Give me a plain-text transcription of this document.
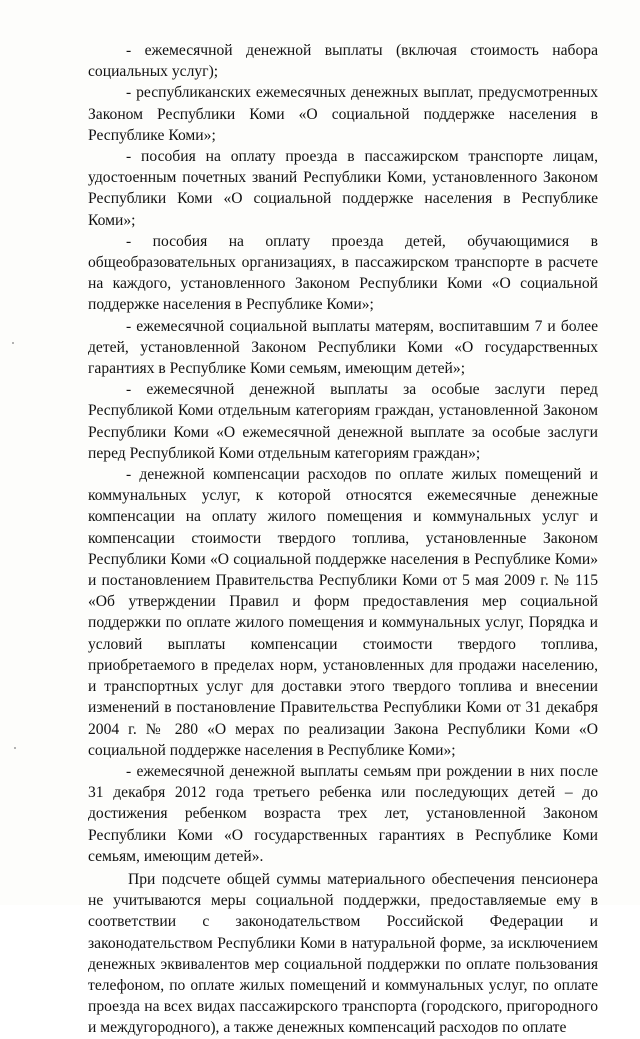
- ежемесячной денежной выплаты (включая стоимость набора социальных услуг);

- республиканских ежемесячных денежных выплат, предусмотренных Законом Республики Коми «О социальной поддержке населения в Республике Коми»;

- пособия на оплату проезда в пассажирском транспорте лицам, удостоенным почетных званий Республики Коми, установленного Законом Республики Коми «О социальной поддержке населения в Республике Коми»;

- пособия на оплату проезда детей, обучающимися в общеобразовательных организациях, в пассажирском транспорте в расчете на каждого, установленного Законом Республики Коми «О социальной поддержке населения в Республике Коми»;

- ежемесячной социальной выплаты матерям, воспитавшим 7 и более детей, установленной Законом Республики Коми «О государственных гарантиях в Республике Коми семьям, имеющим детей»;

- ежемесячной денежной выплаты за особые заслуги перед Республикой Коми отдельным категориям граждан, установленной Законом Республики Коми «О ежемесячной денежной выплате за особые заслуги перед Республикой Коми отдельным категориям граждан»;

- денежной компенсации расходов по оплате жилых помещений и коммунальных услуг, к которой относятся ежемесячные денежные компенсации на оплату жилого помещения и коммунальных услуг и компенсации стоимости твердого топлива, установленные Законом Республики Коми «О социальной поддержке населения в Республике Коми» и постановлением Правительства Республики Коми от 5 мая 2009 г. № 115 «Об утверждении Правил и форм предоставления мер социальной поддержки по оплате жилого помещения и коммунальных услуг, Порядка и условий выплаты компенсации стоимости твердого топлива, приобретаемого в пределах норм, установленных для продажи населению, и транспортных услуг для доставки этого твердого топлива и внесении изменений в постановление Правительства Республики Коми от 31 декабря 2004 г. № 280 «О мерах по реализации Закона Республики Коми «О социальной поддержке населения в Республике Коми»;

- ежемесячной денежной выплаты семьям при рождении в них после 31 декабря 2012 года третьего ребенка или последующих детей – до достижения ребенком возраста трех лет, установленной Законом Республики Коми «О государственных гарантиях в Республике Коми семьям, имеющим детей».

При подсчете общей суммы материального обеспечения пенсионера не учитываются меры социальной поддержки, предоставляемые ему в соответствии с законодательством Российской Федерации и законодательством Республики Коми в натуральной форме, за исключением денежных эквивалентов мер социальной поддержки по оплате пользования телефоном, по оплате жилых помещений и коммунальных услуг, по оплате проезда на всех видах пассажирского транспорта (городского, пригородного и междугородного), а также денежных компенсаций расходов по оплате
